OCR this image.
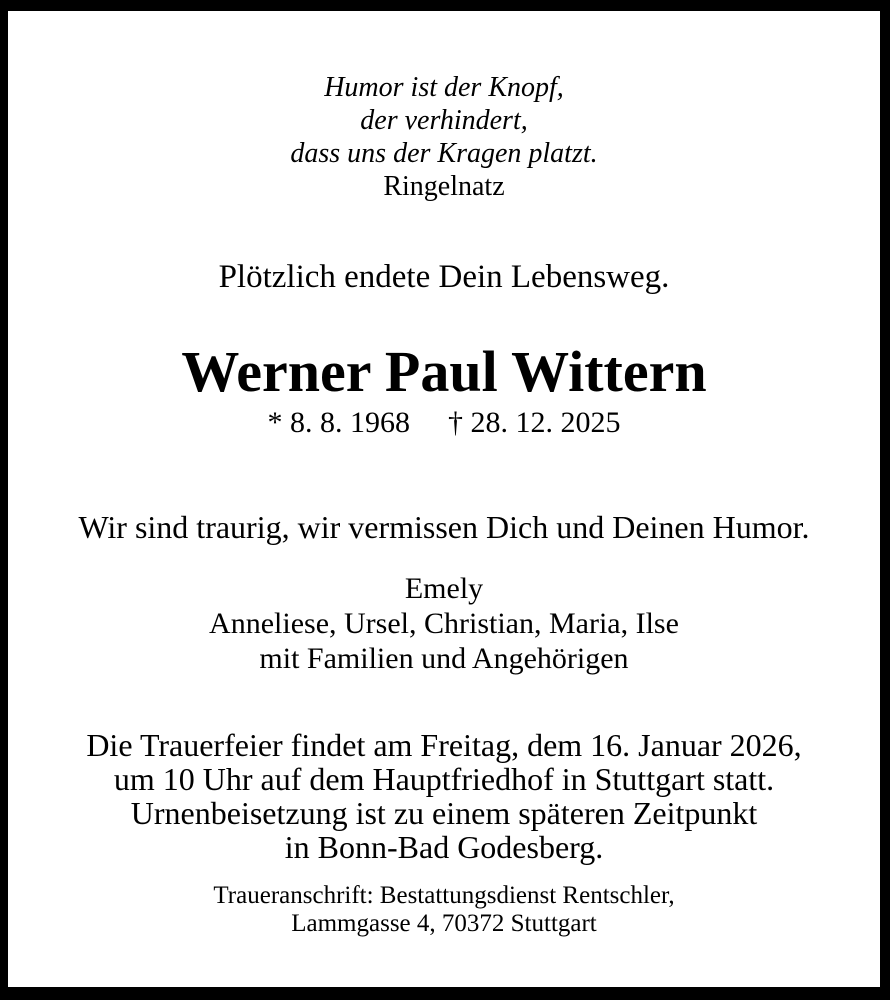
Humor ist der Knopf,
der verhindert,
dass uns der Kragen platzt.
Ringelnatz
Plötzlich endete Dein Lebensweg.
Werner Paul Wittern
* 8. 8. 1968 † 28. 12. 2025
Wir sind traurig, wir vermissen Dich und Deinen Humor.
Emely
Anneliese, Ursel, Christian, Maria, Ilse
mit Familien und Angehörigen
Die Trauerfeier findet am Freitag, dem 16. Januar 2026,
um 10 Uhr auf dem Hauptfriedhof in Stuttgart statt.
Urnenbeisetzung ist zu einem späteren Zeitpunkt
in Bonn-Bad Godesberg.
Traueranschrift: Bestattungsdienst Rentschler,
Lammgasse 4, 70372 Stuttgart
